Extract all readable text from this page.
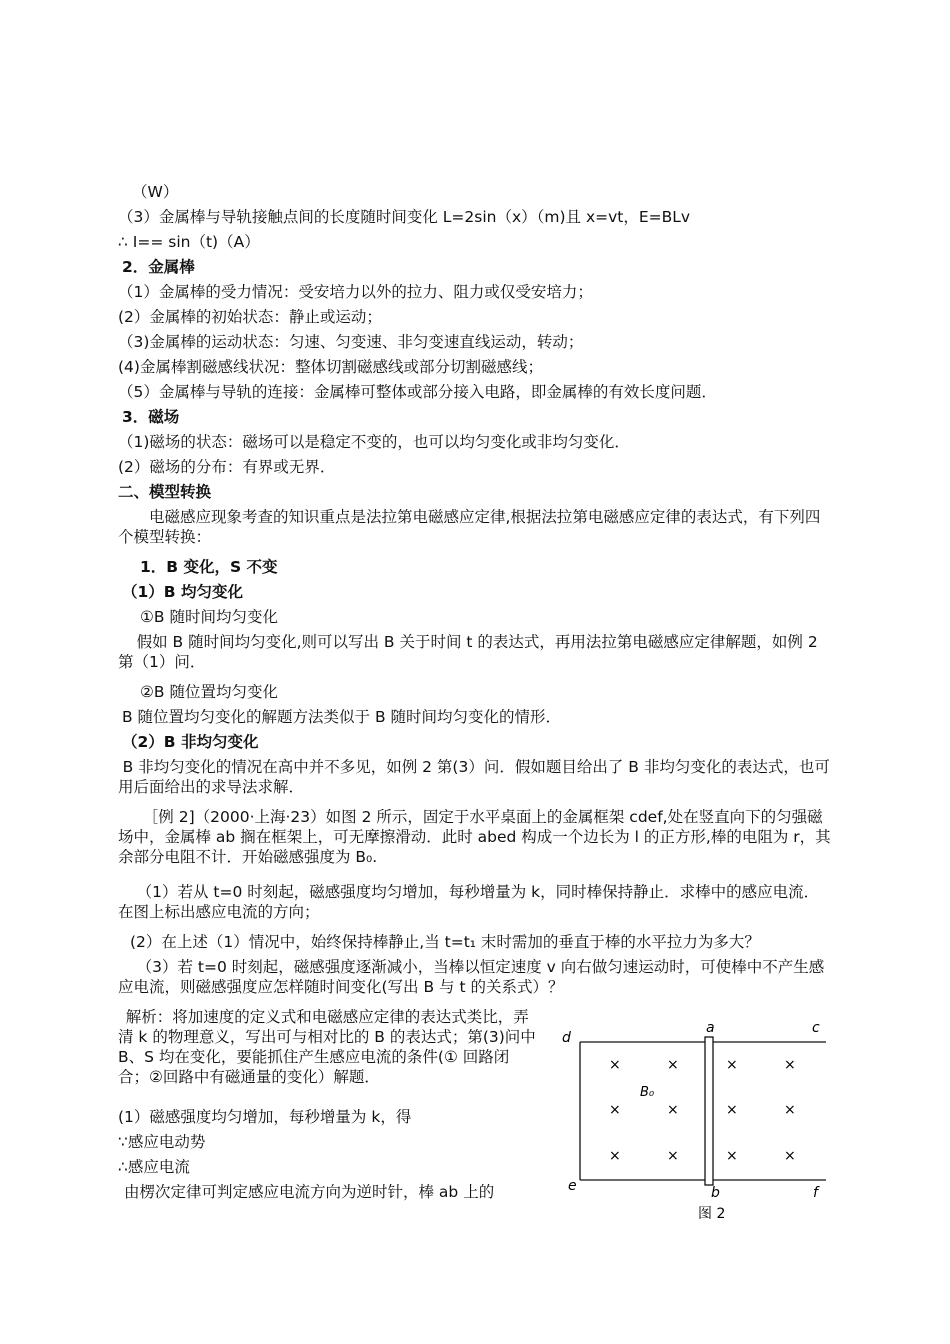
（W）
（3）金属棒与导轨接触点间的长度随时间变化 L=2sin（x）（m)且 x=vt，E=BLv
∴ I== sin（t)（A）
2．金属棒
（1）金属棒的受力情况：受安培力以外的拉力、阻力或仅受安培力；
(2）金属棒的初始状态：静止或运动；
（3)金属棒的运动状态：匀速、匀变速、非匀变速直线运动，转动；
(4)金属棒割磁感线状况：整体切割磁感线或部分切割磁感线；
（5）金属棒与导轨的连接：金属棒可整体或部分接入电路，即金属棒的有效长度问题．
3．磁场
（1)磁场的状态：磁场可以是稳定不变的，也可以均匀变化或非均匀变化．
(2）磁场的分布：有界或无界．
二、模型转换
电磁感应现象考查的知识重点是法拉第电磁感应定律,根据法拉第电磁感应定律的表达式，有下列四个模型转换：
1．B 变化，S 不变
（1）B 均匀变化
①B 随时间均匀变化
假如 B 随时间均匀变化,则可以写出 B 关于时间 t 的表达式，再用法拉第电磁感应定律解题，如例 2 第（1）问．
②B 随位置均匀变化
B 随位置均匀变化的解题方法类似于 B 随时间均匀变化的情形．
（2）B 非均匀变化
B 非均匀变化的情况在高中并不多见，如例 2 第(3）问．假如题目给出了 B 非均匀变化的表达式，也可用后面给出的求导法求解．
［例 2]（2000·上海·23）如图 2 所示，固定于水平桌面上的金属框架 cdef,处在竖直向下的匀强磁场中，金属棒 ab 搁在框架上，可无摩擦滑动．此时 abed 构成一个边长为 l 的正方形,棒的电阻为 r，其余部分电阻不计．开始磁感强度为 B₀.
（1）若从 t=0 时刻起，磁感强度均匀增加，每秒增量为 k，同时棒保持静止．求棒中的感应电流．在图上标出感应电流的方向；
(2）在上述（1）情况中，始终保持棒静止,当 t=t₁ 末时需加的垂直于棒的水平拉力为多大？
（3）若 t=0 时刻起，磁感强度逐渐减小，当棒以恒定速度 v 向右做匀速运动时，可使棒中不产生感应电流，则磁感强度应怎样随时间变化(写出 B 与 t 的关系式）？
解析：将加速度的定义式和电磁感应定律的表达式类比，弄清 k 的物理意义，写出可与相对比的 B 的表达式；第(3)问中 B、S 均在变化，要能抓住产生感应电流的条件(① 回路闭合；②回路中有磁通量的变化）解题．
(1）磁感强度均匀增加，每秒增量为 k，得
∵感应电动势
∴感应电流
由楞次定律可判定感应电流方向为逆时针，棒 ab 上的
a	c
d
e	b	f
B₀
×	×	×	×
×	×	×	×
×	×	×	×
图 2
